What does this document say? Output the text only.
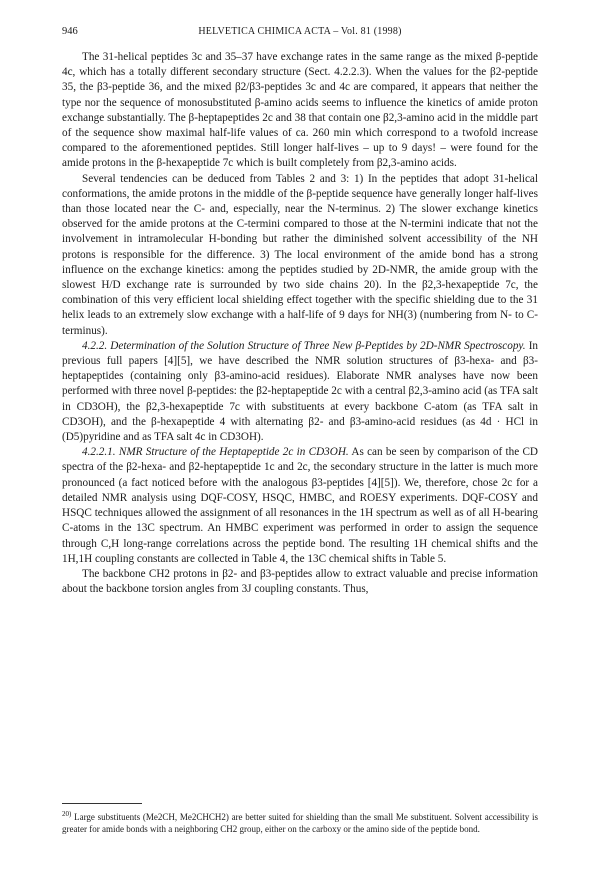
946	HELVETICA CHIMICA ACTA – Vol. 81 (1998)

The 31-helical peptides 3c and 35–37 have exchange rates in the same range as the mixed β-peptide 4c, which has a totally different secondary structure (Sect. 4.2.2.3). When the values for the β2-peptide 35, the β3-peptide 36, and the mixed β2/β3-peptides 3c and 4c are compared, it appears that neither the type nor the sequence of monosubstituted β-amino acids seems to influence the kinetics of amide proton exchange substantially. The β-heptapeptides 2c and 38 that contain one β2,3-amino acid in the middle part of the sequence show maximal half-life values of ca. 260 min which correspond to a twofold increase compared to the aforementioned peptides. Still longer half-lives – up to 9 days! – were found for the amide protons in the β-hexapeptide 7c which is built completely from β2,3-amino acids.

Several tendencies can be deduced from Tables 2 and 3: 1) In the peptides that adopt 31-helical conformations, the amide protons in the middle of the β-peptide sequence have generally longer half-lives than those located near the C- and, especially, near the N-terminus. 2) The slower exchange kinetics observed for the amide protons at the C-termini compared to those at the N-termini indicate that not the involvement in intramolecular H-bonding but rather the diminished solvent accessibility of the NH protons is responsible for the difference. 3) The local environment of the amide bond has a strong influence on the exchange kinetics: among the peptides studied by 2D-NMR, the amide group with the slowest H/D exchange rate is surrounded by two side chains 20). In the β2,3-hexapeptide 7c, the combination of this very efficient local shielding effect together with the specific shielding due to the 31 helix leads to an extremely slow exchange with a half-life of 9 days for NH(3) (numbering from N- to C-terminus).

4.2.2. Determination of the Solution Structure of Three New β-Peptides by 2D-NMR Spectroscopy. In previous full papers [4][5], we have described the NMR solution structures of β3-hexa- and β3-heptapeptides (containing only β3-amino-acid residues). Elaborate NMR analyses have now been performed with three novel β-peptides: the β2-heptapeptide 2c with a central β2,3-amino acid (as TFA salt in CD3OH), the β2,3-hexapeptide 7c with substituents at every backbone C-atom (as TFA salt in CD3OH), and the β-hexapeptide 4 with alternating β2- and β3-amino-acid residues (as 4d · HCl in (D5)pyridine and as TFA salt 4c in CD3OH).

4.2.2.1. NMR Structure of the Heptapeptide 2c in CD3OH. As can be seen by comparison of the CD spectra of the β2-hexa- and β2-heptapeptide 1c and 2c, the secondary structure in the latter is much more pronounced (a fact noticed before with the analogous β3-peptides [4][5]). We, therefore, chose 2c for a detailed NMR analysis using DQF-COSY, HSQC, HMBC, and ROESY experiments. DQF-COSY and HSQC techniques allowed the assignment of all resonances in the 1H spectrum as well as of all H-bearing C-atoms in the 13C spectrum. An HMBC experiment was performed in order to assign the sequence through C,H long-range correlations across the peptide bond. The resulting 1H chemical shifts and the 1H,1H coupling constants are collected in Table 4, the 13C chemical shifts in Table 5.

The backbone CH2 protons in β2- and β3-peptides allow to extract valuable and precise information about the backbone torsion angles from 3J coupling constants. Thus,

$^{20)}$ Large substituents (Me2CH, Me2CHCH2) are better suited for shielding than the small Me substituent. Solvent accessibility is greater for amide bonds with a neighboring CH2 group, either on the carboxy or the amino side of the peptide bond.
